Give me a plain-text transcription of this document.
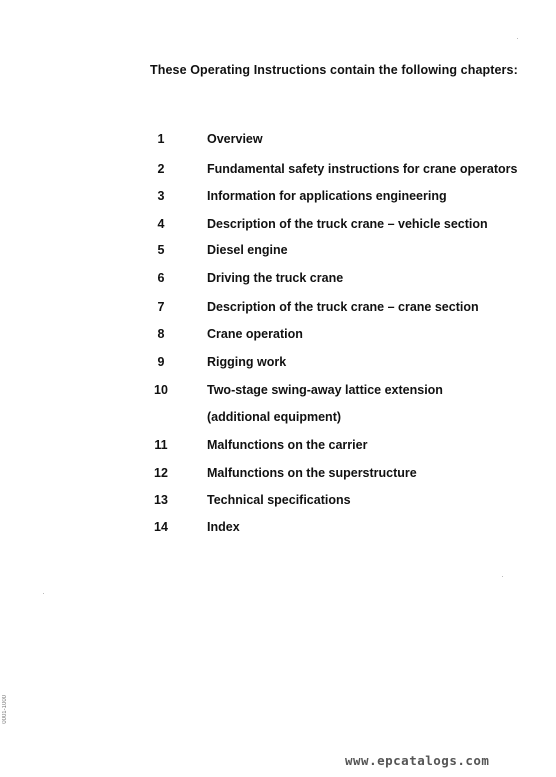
These Operating Instructions contain the following chapters:
1	Overview
2	Fundamental safety instructions for crane operators
3	Information for applications engineering
4	Description of the truck crane – vehicle section
5	Diesel engine
6	Driving the truck crane
7	Description of the truck crane – crane section
8	Crane operation
9	Rigging work
10	Two-stage swing-away lattice extension
(additional equipment)
11	Malfunctions on the carrier
12	Malfunctions on the superstructure
13	Technical specifications
14	Index
0001-1000
www.epcatalogs.com
